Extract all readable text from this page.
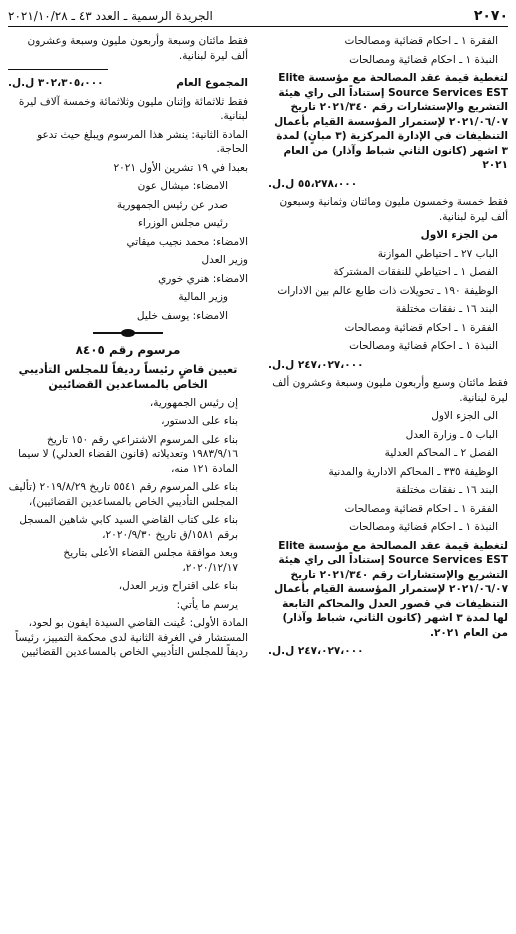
٢٠٧٠
الجريدة الرسمية ـ العدد ٤٣ ـ ٢٠٢١/١٠/٢٨

الفقرة ١ ـ احكام قضائية ومصالحات

النبذة ١ ـ احكام قضائية ومصالحات

لتغطية قيمة عقد المصالحة مع مؤسسة Elite Source Services EST إستناداً الى راي هيئة التشريع والإستشارات رقم ٢٠٢١/٣٤٠ تاريخ ٢٠٢١/٠٦/٠٧ لإستمرار المؤسسة القيام بأعمال التنظيفات في الإدارة المركزية (٣ مبانٍ) لمدة ٣ اشهر (كانون الثاني شباط وآذار) من العام ٢٠٢١

٥٥،٢٧٨،٠٠٠ ل.ل.

فقط خمسة وخمسون مليون ومائتان وثمانية وسبعون ألف ليرة لبنانية.

من الجزء الاول

الباب ٢٧ ـ احتياطي الموازنة

الفصل ١ ـ احتياطي للنفقات المشتركة

الوظيفة ١٩٠ ـ تحويلات ذات طابع عالم بين الادارات

البند ١٦ ـ نفقات مختلفة

الفقرة ١ ـ احكام قضائية ومصالحات

النبذة ١ ـ احكام قضائية ومصالحات

٢٤٧،٠٢٧،٠٠٠ ل.ل.

فقط مائتان وسبع وأربعون مليون وسبعة وعشرون ألف ليرة لبنانية.

الى الجزء الاول

الباب ٥ ـ وزارة العدل

الفصل ٢ ـ المحاكم العدلية

الوظيفة ٣٣٥ ـ المحاكم الادارية والمدنية

البند ١٦ ـ نفقات مختلفة

الفقرة ١ ـ احكام قضائية ومصالحات

النبذة ١ ـ احكام قضائية ومصالحات

لتغطية قيمة عقد المصالحة مع مؤسسة Elite Source Services EST إستناداً الى راي هيئة التشريع والإستشارات رقم ٢٠٢١/٣٤٠ تاريخ ٢٠٢١/٠٦/٠٧ لإستمرار المؤسسة القيام بأعمال التنظيفات في قصور العدل والمحاكم التابعة لها لمدة ٣ اشهر (كانون الثاني، شباط وآذار) من العام ٢٠٢١.

٢٤٧،٠٢٧،٠٠٠ ل.ل.

فقط مائتان وسبعة وأربعون مليون وسبعة وعشرون ألف ليرة لبنانية.

المجموع العام
٣٠٢،٣٠٥،٠٠٠ ل.ل.

فقط ثلاثمائة وإثنان مليون وثلاثمائة وخمسة آلاف ليرة لبنانية.

المادة الثانية: ينشر هذا المرسوم ويبلغ حيث تدعو الحاجة.

بعبدا في ١٩ تشرين الأول ٢٠٢١

الامضاء: ميشال عون

صدر عن رئيس الجمهورية

رئيس مجلس الوزراء

الامضاء: محمد نجيب ميقاتي

وزير العدل

الامضاء: هنري خوري

وزير المالية

الامضاء: يوسف خليل

مرسوم رقم ٨٤٠٥

تعيين قاضٍ رئيساً رديفاً للمجلس التأديبي الخاص بالمساعدين القضائيين

إن رئيس الجمهورية،

بناء على الدستور،

بناء على المرسوم الاشتراعي رقم ١٥٠ تاريخ ١٩٨٣/٩/١٦ وتعديلاته (قانون القضاء العدلي) لا سيما المادة ١٢١ منه،

بناء على المرسوم رقم ٥٥٤١ تاريخ ٢٠١٩/٨/٢٩ (تأليف المجلس التأديبي الخاص بالمساعدين القضائيين)،

بناء على كتاب القاضي السيد كابي شاهين المسجل برقم ١٥٨١/ق تاريخ ٢٠٢٠/٩/٣٠،

وبعد موافقة مجلس القضاء الأعلى بتاريخ ٢٠٢٠/١٢/١٧،

بناء على اقتراح وزير العدل،

يرسم ما يأتي:

المادة الأولى: عُينت القاضي السيدة ايفون بو لحود، المستشار في الغرفة الثانية لدى محكمة التمييز، رئيساً رديفاً للمجلس التأديبي الخاص بالمساعدين القضائيين
